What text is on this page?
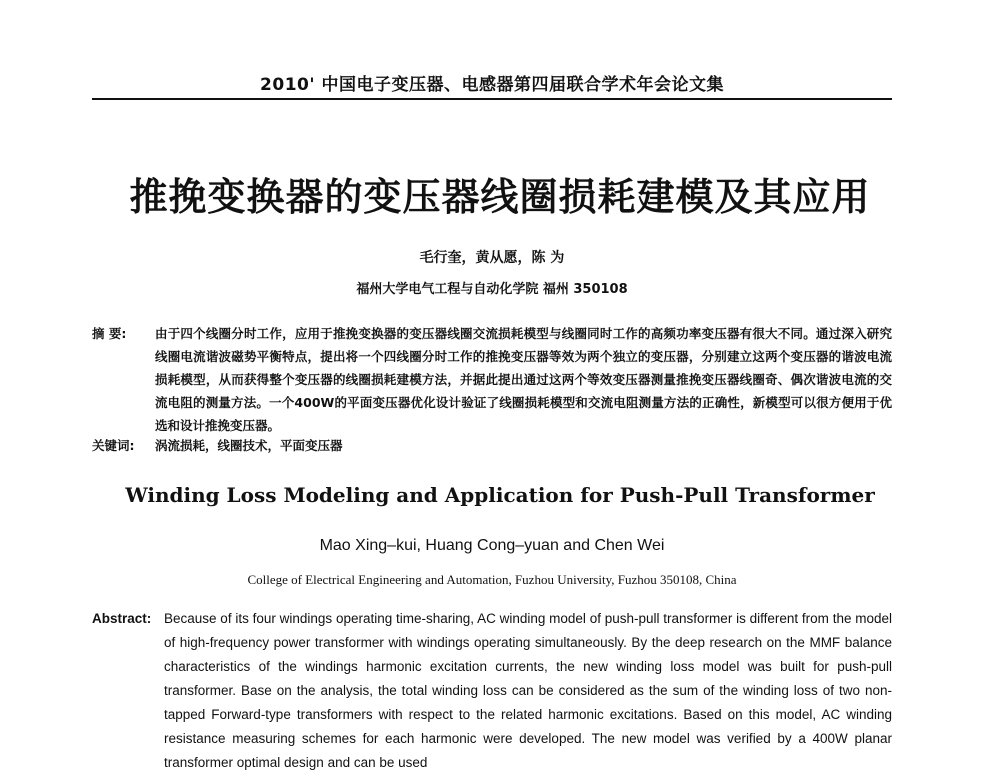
2010' 中国电子变压器、电感器第四届联合学术年会论文集
推挽变换器的变压器线圈损耗建模及其应用
毛行奎，黄从愿，陈 为
福州大学电气工程与自动化学院 福州 350108
摘 要:	由于四个线圈分时工作，应用于推挽变换器的变压器线圈交流损耗模型与线圈同时工作的高频功率变压器有很大不同。通过深入研究线圈电流谐波磁势平衡特点，提出将一个四线圈分时工作的推挽变压器等效为两个独立的变压器，分别建立这两个变压器的谐波电流损耗模型，从而获得整个变压器的线圈损耗建模方法，并据此提出通过这两个等效变压器测量推挽变压器线圈奇、偶次谐波电流的交流电阻的测量方法。一个400W的平面变压器优化设计验证了线圈损耗模型和交流电阻测量方法的正确性，新模型可以很方便用于优选和设计推挽变压器。
关键词: 涡流损耗，线圈技术，平面变压器
Winding Loss Modeling and Application for Push-Pull Transformer
Mao Xing–kui, Huang Cong–yuan and Chen Wei
College of Electrical Engineering and Automation, Fuzhou University, Fuzhou 350108, China
Abstract: Because of its four windings operating time-sharing, AC winding model of push-pull transformer is different from the model of high-frequency power transformer with windings operating simultaneously. By the deep research on the MMF balance characteristics of the windings harmonic excitation currents, the new winding loss model was built for push-pull transformer. Base on the analysis, the total winding loss can be considered as the sum of the winding loss of two non-tapped Forward-type transformers with respect to the related harmonic excitations. Based on this model, AC winding resistance measuring schemes for each harmonic were developed. The new model was verified by a 400W planar transformer optimal design and can be used
